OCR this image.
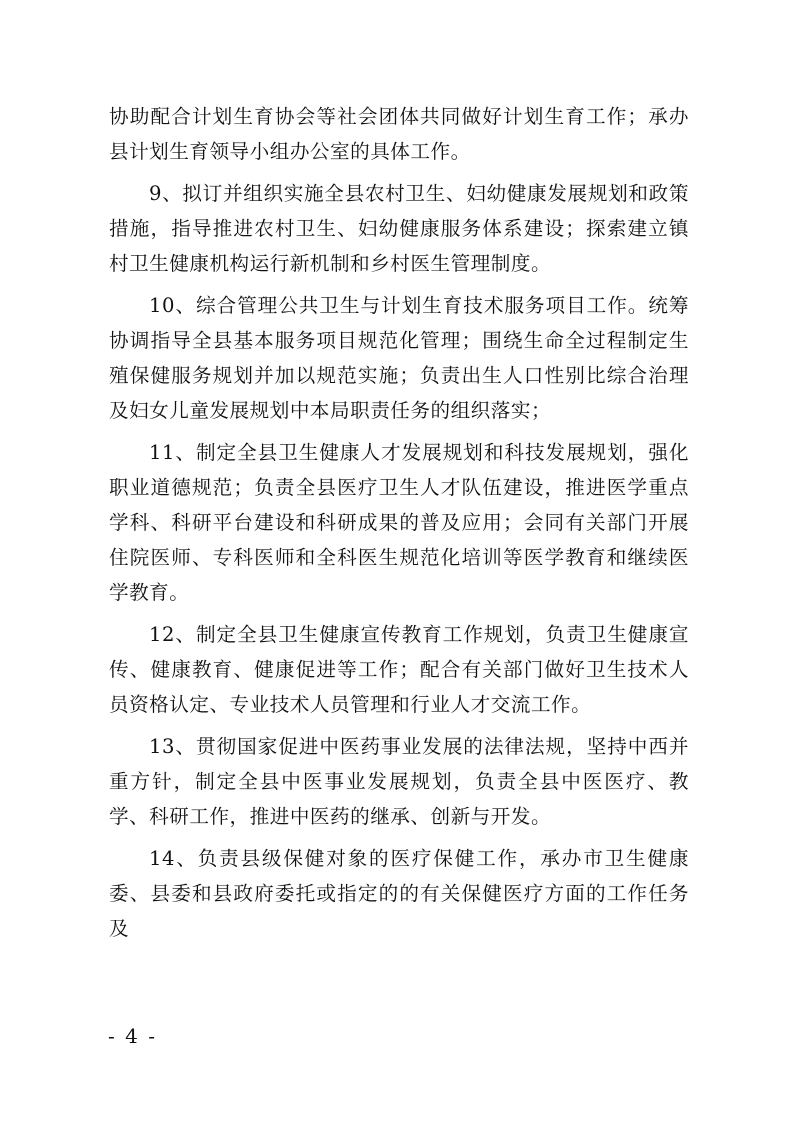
协助配合计划生育协会等社会团体共同做好计划生育工作；承办县计划生育领导小组办公室的具体工作。

9、拟订并组织实施全县农村卫生、妇幼健康发展规划和政策措施，指导推进农村卫生、妇幼健康服务体系建设；探索建立镇村卫生健康机构运行新机制和乡村医生管理制度。

10、综合管理公共卫生与计划生育技术服务项目工作。统筹协调指导全县基本服务项目规范化管理；围绕生命全过程制定生殖保健服务规划并加以规范实施；负责出生人口性别比综合治理及妇女儿童发展规划中本局职责任务的组织落实；

11、制定全县卫生健康人才发展规划和科技发展规划，强化职业道德规范；负责全县医疗卫生人才队伍建设，推进医学重点学科、科研平台建设和科研成果的普及应用；会同有关部门开展住院医师、专科医师和全科医生规范化培训等医学教育和继续医学教育。

12、制定全县卫生健康宣传教育工作规划，负责卫生健康宣传、健康教育、健康促进等工作；配合有关部门做好卫生技术人员资格认定、专业技术人员管理和行业人才交流工作。

13、贯彻国家促进中医药事业发展的法律法规，坚持中西并重方针，制定全县中医事业发展规划，负责全县中医医疗、教学、科研工作，推进中医药的继承、创新与开发。

14、负责县级保健对象的医疗保健工作，承办市卫生健康委、县委和县政府委托或指定的的有关保健医疗方面的工作任务及

- 4 -
